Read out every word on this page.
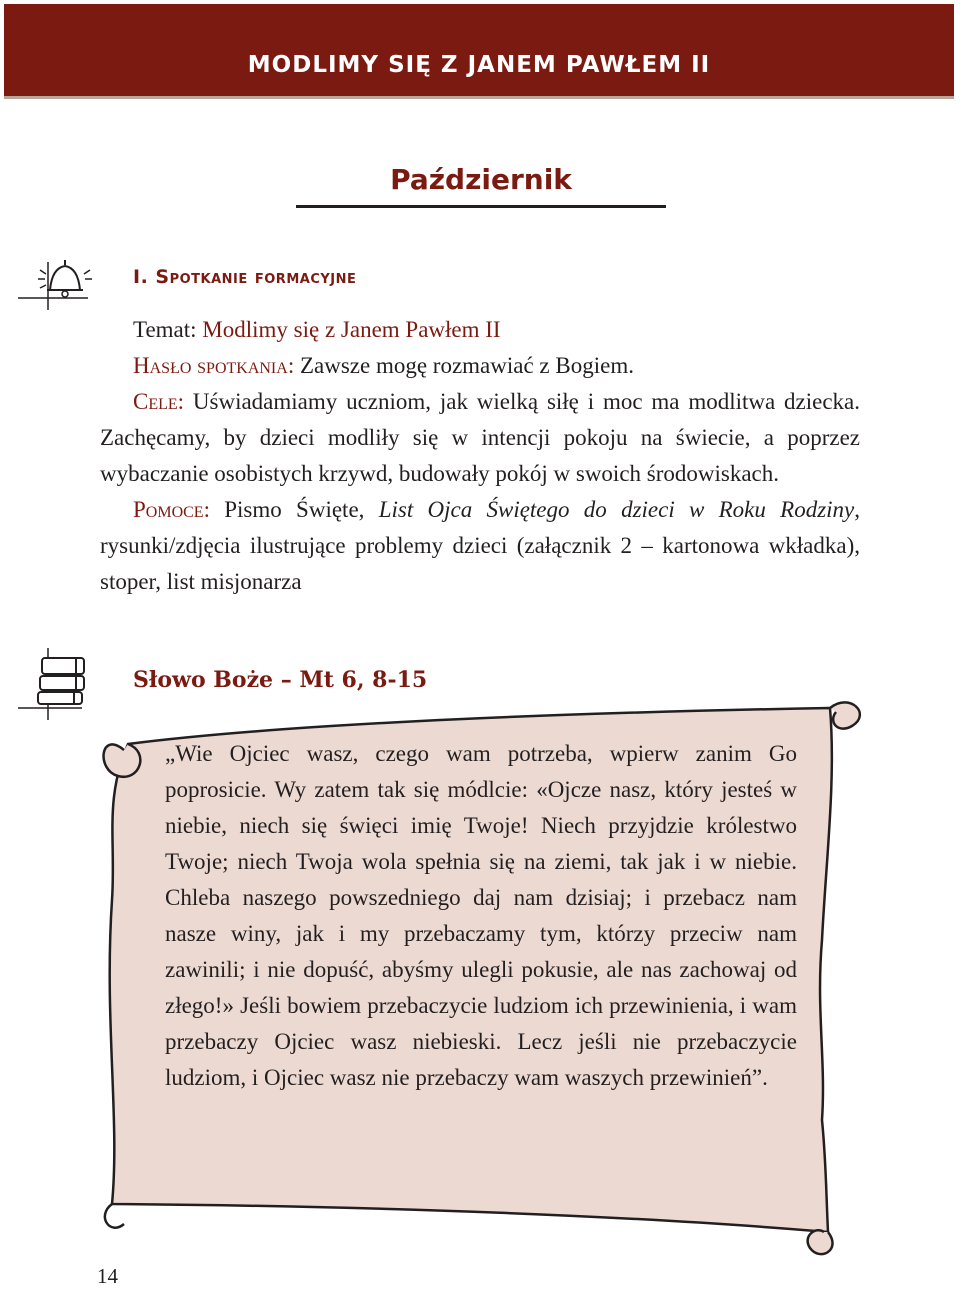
MODLIMY SIĘ Z JANEM PAWŁEM II
Październik
I. Spotkanie formacyjne

Temat: Modlimy się z Janem Pawłem II

Hasło spotkania: Zawsze mogę rozmawiać z Bogiem.

Cele: Uświadamiamy uczniom, jak wielką siłę i moc ma modlitwa dziecka. Zachęcamy, by dzieci modliły się w intencji pokoju na świecie, a poprzez wybaczanie osobistych krzywd, budowały pokój w swoich środowiskach.

Pomoce: Pismo Święte, List Ojca Świętego do dzieci w Roku Rodziny, rysunki/zdjęcia ilustrujące problemy dzieci (załącznik 2 – kartonowa wkładka), stoper, list misjonarza

Słowo Boże – Mt 6, 8-15
„Wie Ojciec wasz, czego wam potrzeba, wpierw zanim Go poprosicie. Wy zatem tak się módlcie: «Ojcze nasz, który jesteś w niebie, niech się święci imię Twoje! Niech przyjdzie królestwo Twoje; niech Twoja wola spełnia się na ziemi, tak jak i w niebie. Chleba naszego powszedniego daj nam dzisiaj; i przebacz nam nasze winy, jak i my przebaczamy tym, którzy przeciw nam zawinili; i nie dopuść, abyśmy ulegli pokusie, ale nas zachowaj od złego!» Jeśli bowiem przebaczycie ludziom ich przewinienia, i wam przebaczy Ojciec wasz niebieski. Lecz jeśli nie przebaczycie ludziom, i Ojciec wasz nie przebaczy wam waszych przewinień”.
14
